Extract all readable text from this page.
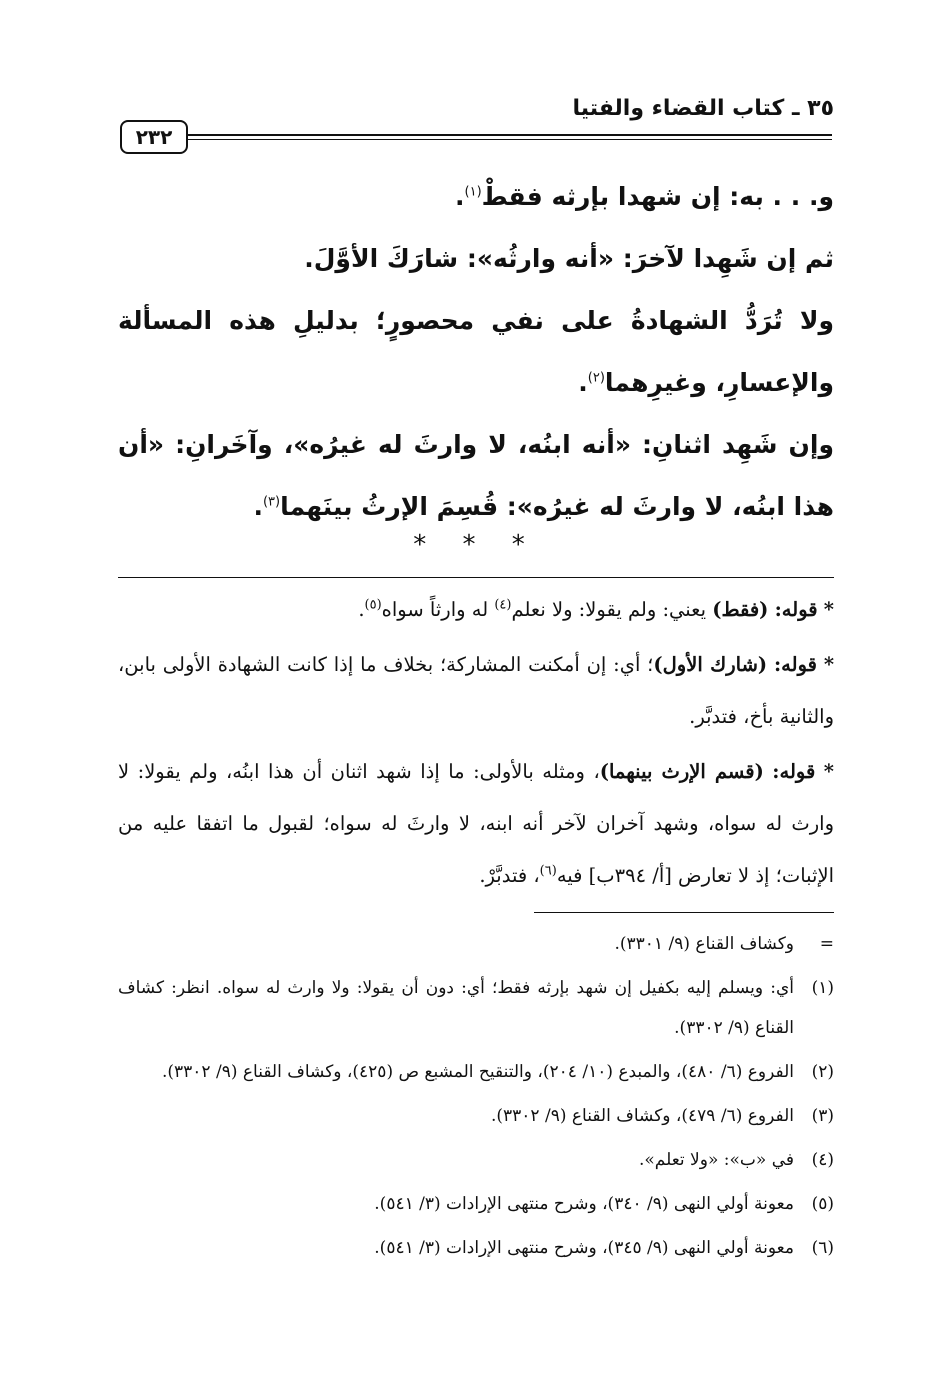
٣٥ ـ كتاب القضاء والفتيا
٢٣٢

و. . . به: إن شهدا بإرثه فقطْ$^{(١)}$.

ثم إن شَهِدا لآخرَ: «أنه وارثُه»: شارَكَ الأوَّلَ.

ولا تُرَدُّ الشهادةُ على نفي محصورٍ؛ بدليلِ هذه المسألة والإعسارِ، وغيرِهما$^{(٢)}$.

وإن شَهِد اثنانِ: «أنه ابنُه، لا وارثَ له غيرُه»، وآخَرانِ: «أن هذا ابنُه، لا وارثَ له غيرُه»: قُسِمَ الإرثُ بينَهما$^{(٣)}$.

* * *

* قوله: (فقط) يعني: ولم يقولا: ولا نعلم$^{(٤)}$ له وارثاً سواه$^{(٥)}$.

* قوله: (شارك الأول)؛ أي: إن أمكنت المشاركة؛ بخلاف ما إذا كانت الشهادة الأولى بابن، والثانية بأخ، فتدبَّر.

* قوله: (قسم الإرث بينهما)، ومثله بالأولى: ما إذا شهد اثنان أن هذا ابنُه، ولم يقولا: لا وارث له سواه، وشهد آخران لآخر أنه ابنه، لا وارثَ له سواه؛ لقبول ما اتفقا عليه من الإثبات؛ إذ لا تعارض [أ/ ٣٩٤ب] فيه$^{(٦)}$، فتدبَّرْ.

=
وكشاف القناع (٩/ ٣٣٠١).
(١)
أي: ويسلم إليه بكفيل إن شهد بإرثه فقط؛ أي: دون أن يقولا: ولا وارث له سواه. انظر: كشاف القناع (٩/ ٣٣٠٢).
(٢)
الفروع (٦/ ٤٨٠)، والمبدع (١٠/ ٢٠٤)، والتنقيح المشبع ص (٤٢٥)، وكشاف القناع (٩/ ٣٣٠٢).
(٣)
الفروع (٦/ ٤٧٩)، وكشاف القناع (٩/ ٣٣٠٢).
(٤)
في «ب»: «ولا تعلم».
(٥)
معونة أولي النهى (٩/ ٣٤٠)، وشرح منتهى الإرادات (٣/ ٥٤١).
(٦)
معونة أولي النهى (٩/ ٣٤٥)، وشرح منتهى الإرادات (٣/ ٥٤١).
